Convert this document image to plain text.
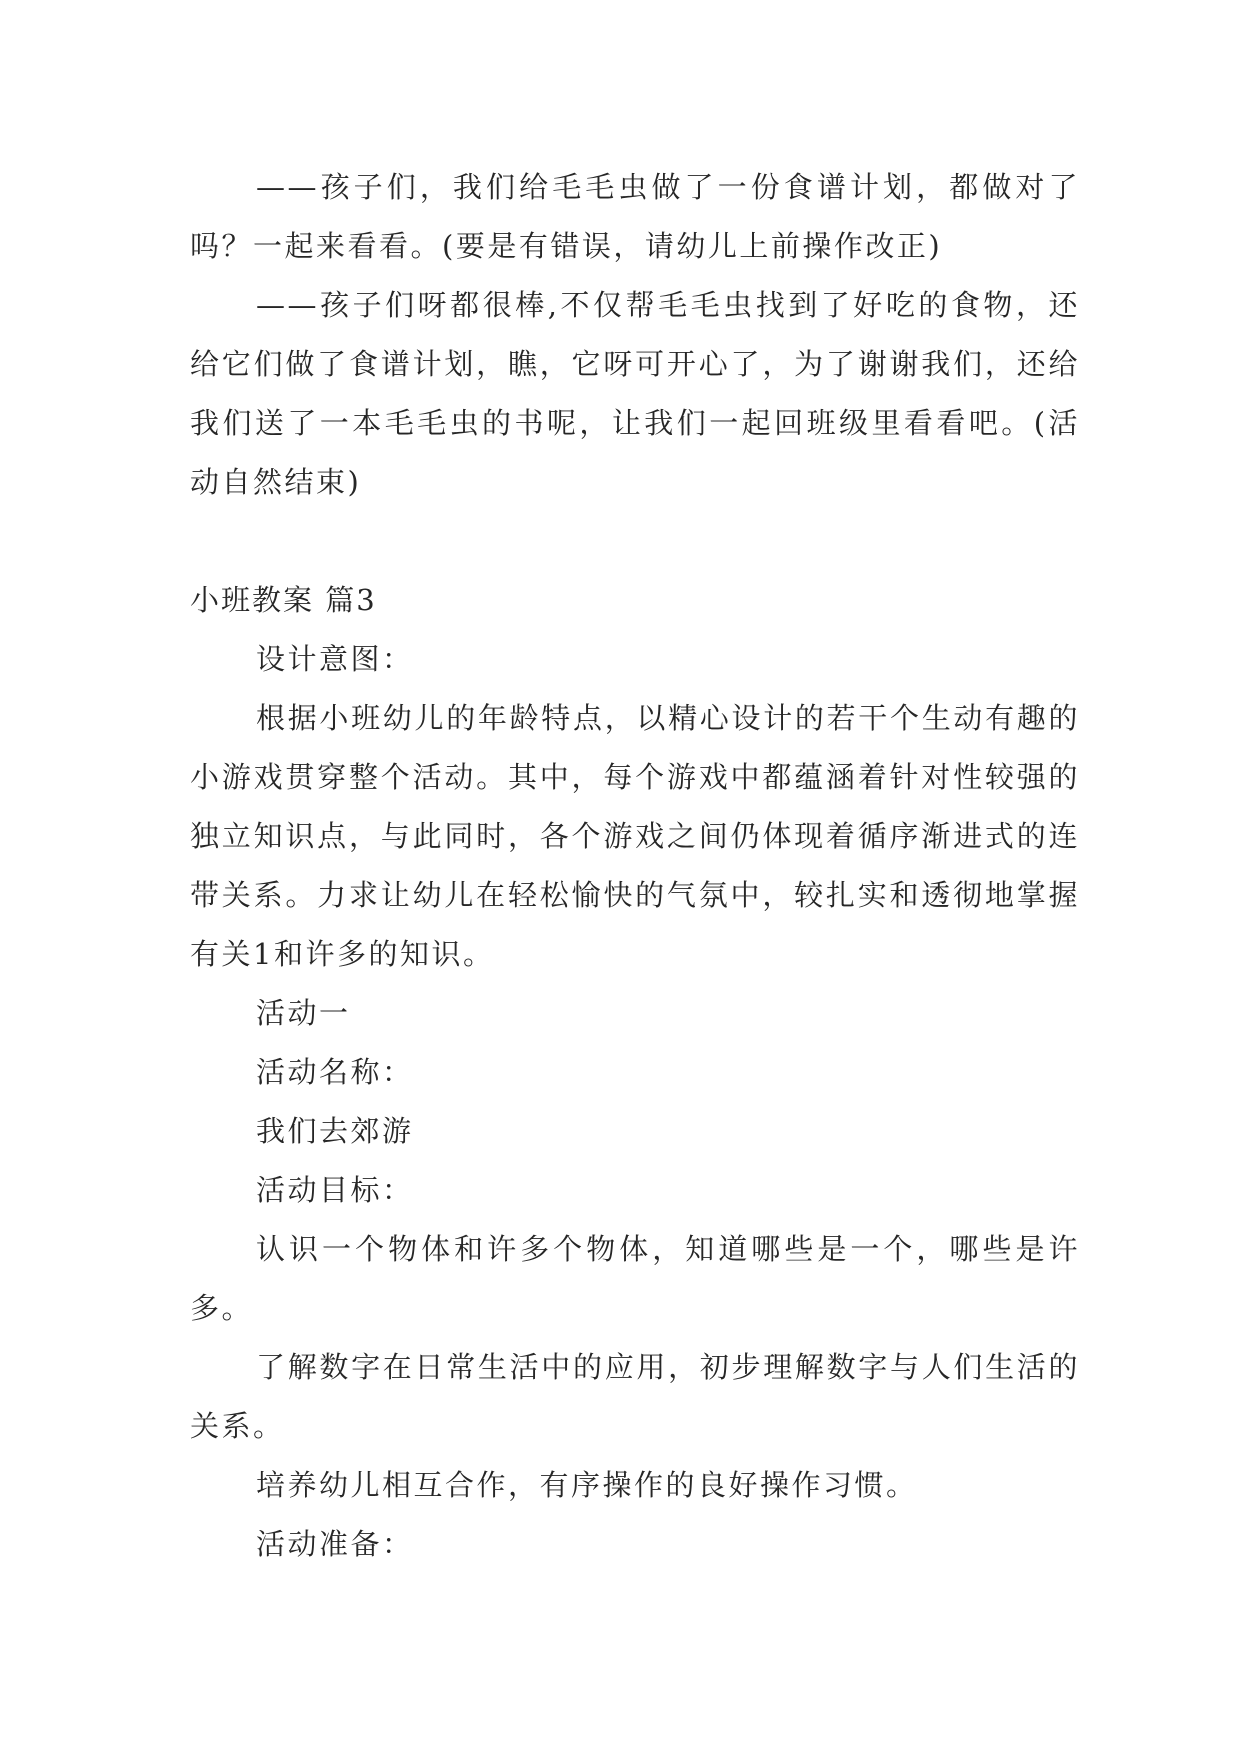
——孩子们，我们给毛毛虫做了一份食谱计划，都做对了吗？一起来看看。(要是有错误，请幼儿上前操作改正)

——孩子们呀都很棒,不仅帮毛毛虫找到了好吃的食物，还给它们做了食谱计划，瞧，它呀可开心了，为了谢谢我们，还给我们送了一本毛毛虫的书呢，让我们一起回班级里看看吧。(活动自然结束)

小班教案 篇3

设计意图：

根据小班幼儿的年龄特点，以精心设计的若干个生动有趣的小游戏贯穿整个活动。其中，每个游戏中都蕴涵着针对性较强的独立知识点，与此同时，各个游戏之间仍体现着循序渐进式的连带关系。力求让幼儿在轻松愉快的气氛中，较扎实和透彻地掌握有关1和许多的知识。

活动一

活动名称：

我们去郊游

活动目标：

认识一个物体和许多个物体，知道哪些是一个，哪些是许多。

了解数字在日常生活中的应用，初步理解数字与人们生活的关系。

培养幼儿相互合作，有序操作的良好操作习惯。

活动准备：
